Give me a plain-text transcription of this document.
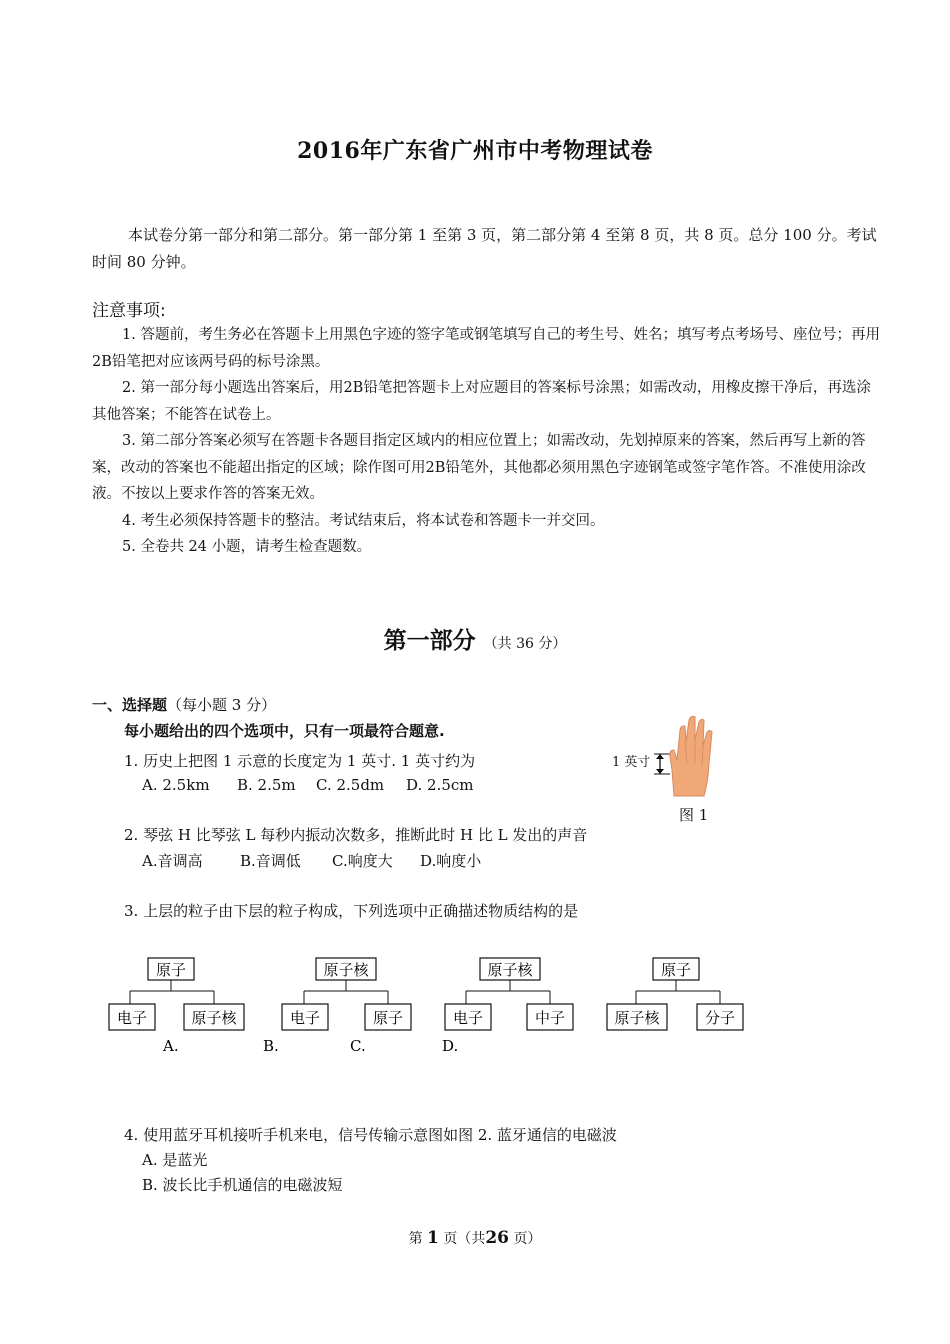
2016年广东省广州市中考物理试卷
本试卷分第一部分和第二部分。第一部分第 1 至第 3 页，第二部分第 4 至第 8 页，共 8 页。总分 100 分。考试时间 80 分钟。
注意事项:

1. 答题前，考生务必在答题卡上用黑色字迹的签字笔或钢笔填写自己的考生号、姓名；填写考点考场号、座位号；再用2B铅笔把对应该两号码的标号涂黑。

2. 第一部分每小题选出答案后，用2B铅笔把答题卡上对应题目的答案标号涂黑；如需改动，用橡皮擦干净后，再选涂其他答案；不能答在试卷上。

3. 第二部分答案必须写在答题卡各题目指定区域内的相应位置上；如需改动，先划掉原来的答案，然后再写上新的答案，改动的答案也不能超出指定的区域；除作图可用2B铅笔外，其他都必须用黑色字迹钢笔或签字笔作答。不准使用涂改液。不按以上要求作答的答案无效。

4. 考生必须保持答题卡的整洁。考试结束后，将本试卷和答题卡一并交回。

5. 全卷共 24 小题，请考生检查题数。

第一部分 （共 36 分）
一、选择题（每小题 3 分）
每小题给出的四个选项中，只有一项最符合题意.
1. 历史上把图 1 示意的长度定为 1 英寸. 1 英寸约为
A. 2.5km B. 2.5m C. 2.5dm D. 2.5cm
1 英寸
图 1
2. 琴弦 H 比琴弦 L 每秒内振动次数多，推断此时 H 比 L 发出的声音
A.音调高 B.音调低 C.响度大 D.响度小
3. 上层的粒子由下层的粒子构成，下列选项中正确描述物质结构的是
原子
电子	原子核
原子核
电子	原子
原子核
电子	中子
原子
原子核	分子
A.	B.	C.	D.
4. 使用蓝牙耳机接听手机来电，信号传输示意图如图 2. 蓝牙通信的电磁波
A. 是蓝光
B. 波长比手机通信的电磁波短
第 1 页（共26 页）
